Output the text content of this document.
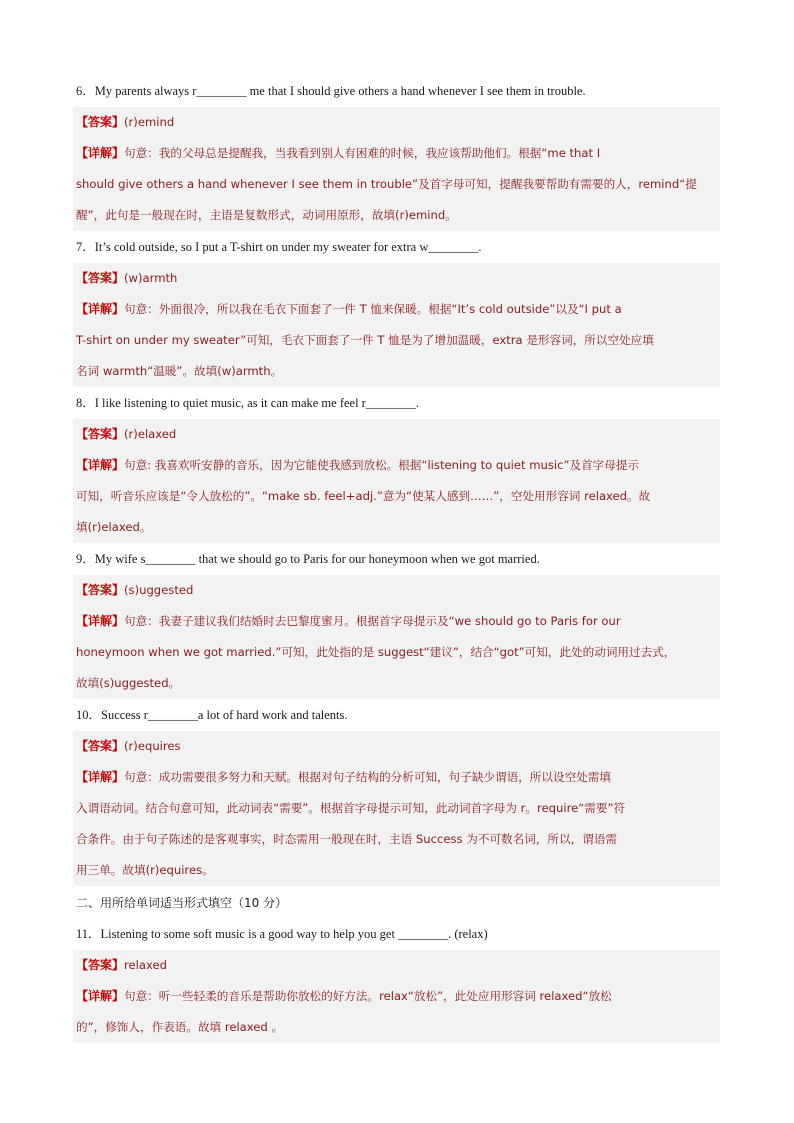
6．My parents always r________ me that I should give others a hand whenever I see them in trouble.
【答案】(r)emind
【详解】句意：我的父母总是提醒我，当我看到别人有困难的时候，我应该帮助他们。根据“me that I
should give others a hand whenever I see them in trouble”及首字母可知，提醒我要帮助有需要的人，remind“提
醒”，此句是一般现在时，主语是复数形式，动词用原形，故填(r)emind。
7．It’s cold outside, so I put a T-shirt on under my sweater for extra w________.
【答案】(w)armth
【详解】句意：外面很冷，所以我在毛衣下面套了一件 T 恤来保暖。根据“It’s cold outside”以及“I put a
T-shirt on under my sweater”可知，毛衣下面套了一件 T 恤是为了增加温暖，extra 是形容词，所以空处应填
名词 warmth“温暖”。故填(w)armth。
8．I like listening to quiet music, as it can make me feel r________.
【答案】(r)elaxed
【详解】句意: 我喜欢听安静的音乐，因为它能使我感到放松。根据“listening to quiet music”及首字母提示
可知，听音乐应该是“令人放松的”。“make sb. feel+adj.”意为“使某人感到……”，空处用形容词 relaxed。故
填(r)elaxed。
9．My wife s________ that we should go to Paris for our honeymoon when we got married.
【答案】(s)uggested
【详解】句意：我妻子建议我们结婚时去巴黎度蜜月。根据首字母提示及“we should go to Paris for our
honeymoon when we got married.”可知，此处指的是 suggest“建议”，结合“got”可知，此处的动词用过去式，
故填(s)uggested。
10．Success r________a lot of hard work and talents.
【答案】(r)equires
【详解】句意：成功需要很多努力和天赋。根据对句子结构的分析可知，句子缺少谓语，所以设空处需填
入谓语动词。结合句意可知，此动词表“需要”。根据首字母提示可知，此动词首字母为 r。require“需要”符
合条件。由于句子陈述的是客观事实，时态需用一般现在时，主语 Success 为不可数名词，所以，谓语需
用三单。故填(r)equires。
二、用所给单词适当形式填空（10 分）
11．Listening to some soft music is a good way to help you get ________. (relax)
【答案】relaxed
【详解】句意：听一些轻柔的音乐是帮助你放松的好方法。relax“放松”，此处应用形容词 relaxed“放松
的”，修饰人，作表语。故填 relaxed 。
